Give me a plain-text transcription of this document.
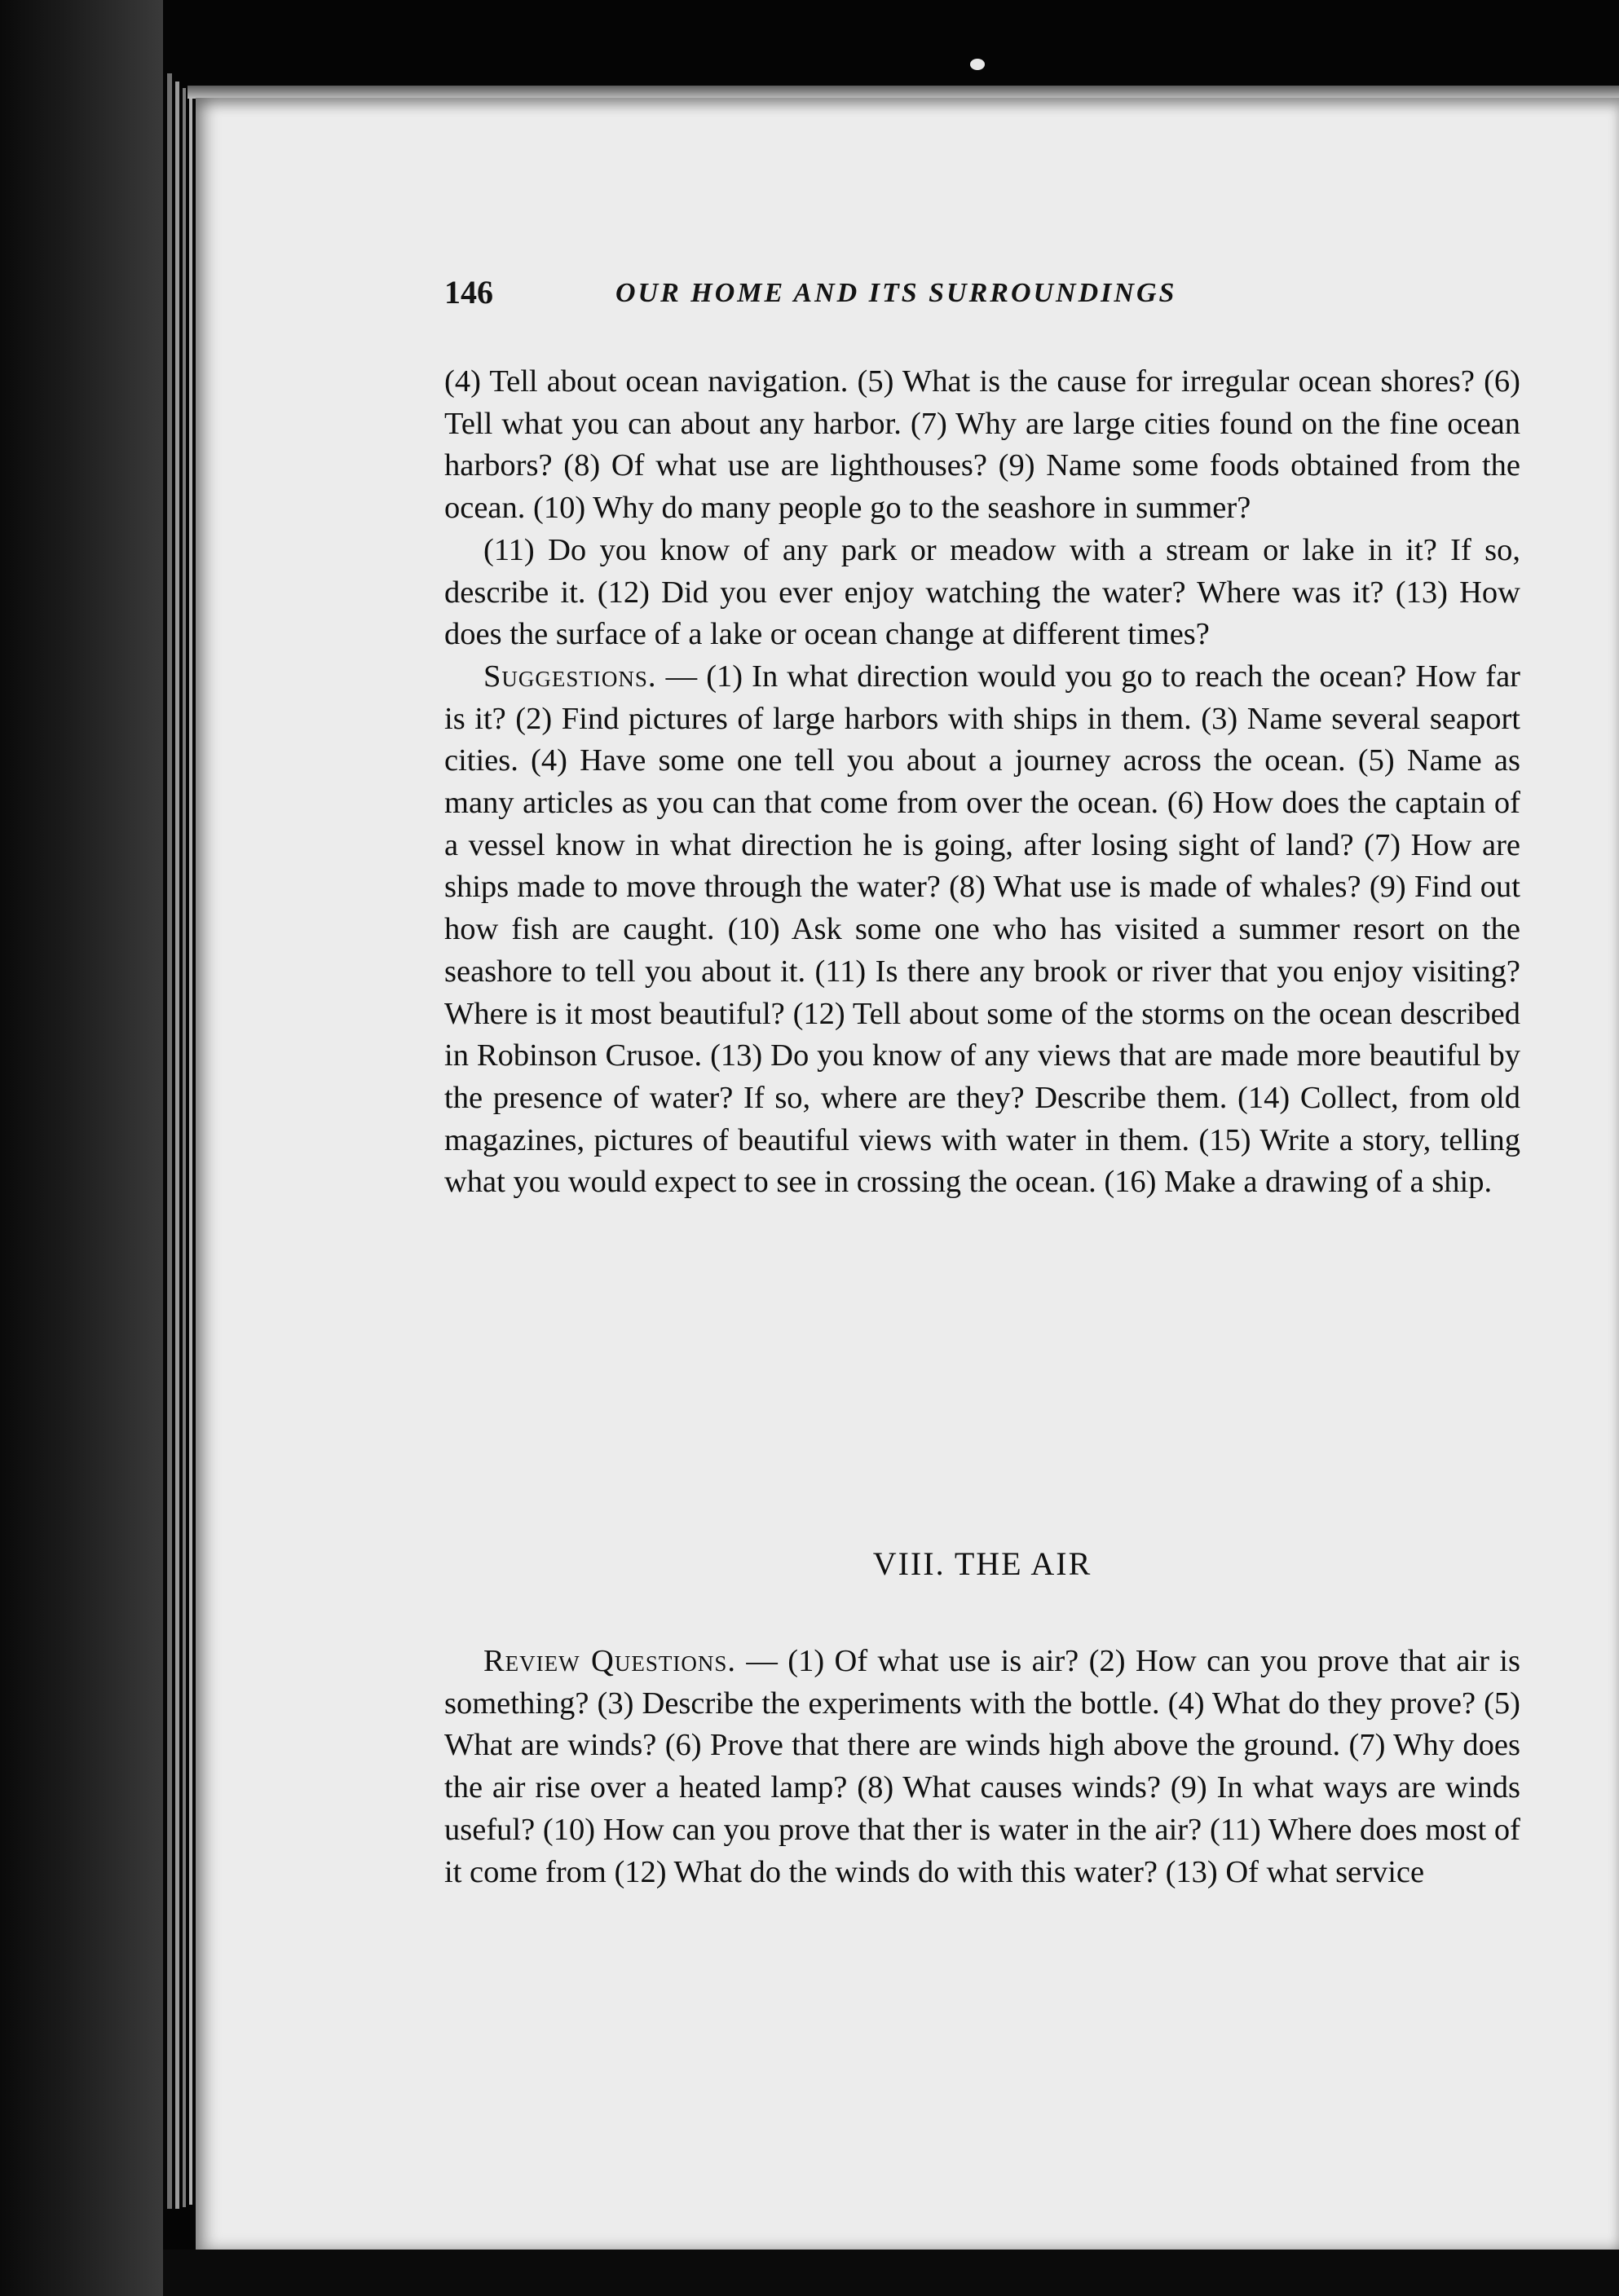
146	OUR HOME AND ITS SURROUNDINGS

(4) Tell about ocean navigation. (5) What is the cause for irregular ocean shores? (6) Tell what you can about any harbor. (7) Why are large cities found on the fine ocean harbors? (8) Of what use are lighthouses? (9) Name some foods obtained from the ocean. (10) Why do many people go to the seashore in summer?

(11) Do you know of any park or meadow with a stream or lake in it? If so, describe it. (12) Did you ever enjoy watching the water? Where was it? (13) How does the surface of a lake or ocean change at different times?

Suggestions. — (1) In what direction would you go to reach the ocean? How far is it? (2) Find pictures of large harbors with ships in them. (3) Name several seaport cities. (4) Have some one tell you about a journey across the ocean. (5) Name as many articles as you can that come from over the ocean. (6) How does the captain of a vessel know in what direction he is going, after losing sight of land? (7) How are ships made to move through the water? (8) What use is made of whales? (9) Find out how fish are caught. (10) Ask some one who has visited a summer resort on the seashore to tell you about it. (11) Is there any brook or river that you enjoy visiting? Where is it most beautiful? (12) Tell about some of the storms on the ocean described in Robinson Crusoe. (13) Do you know of any views that are made more beautiful by the presence of water? If so, where are they? Describe them. (14) Collect, from old magazines, pictures of beautiful views with water in them. (15) Write a story, telling what you would expect to see in crossing the ocean. (16) Make a drawing of a ship.

VIII. THE AIR

Review Questions. — (1) Of what use is air? (2) How can you prove that air is something? (3) Describe the experiments with the bottle. (4) What do they prove? (5) What are winds? (6) Prove that there are winds high above the ground. (7) Why does the air rise over a heated lamp? (8) What causes winds? (9) In what ways are winds useful? (10) How can you prove that ther is water in the air? (11) Where does most of it come from (12) What do the winds do with this water? (13) Of what service
